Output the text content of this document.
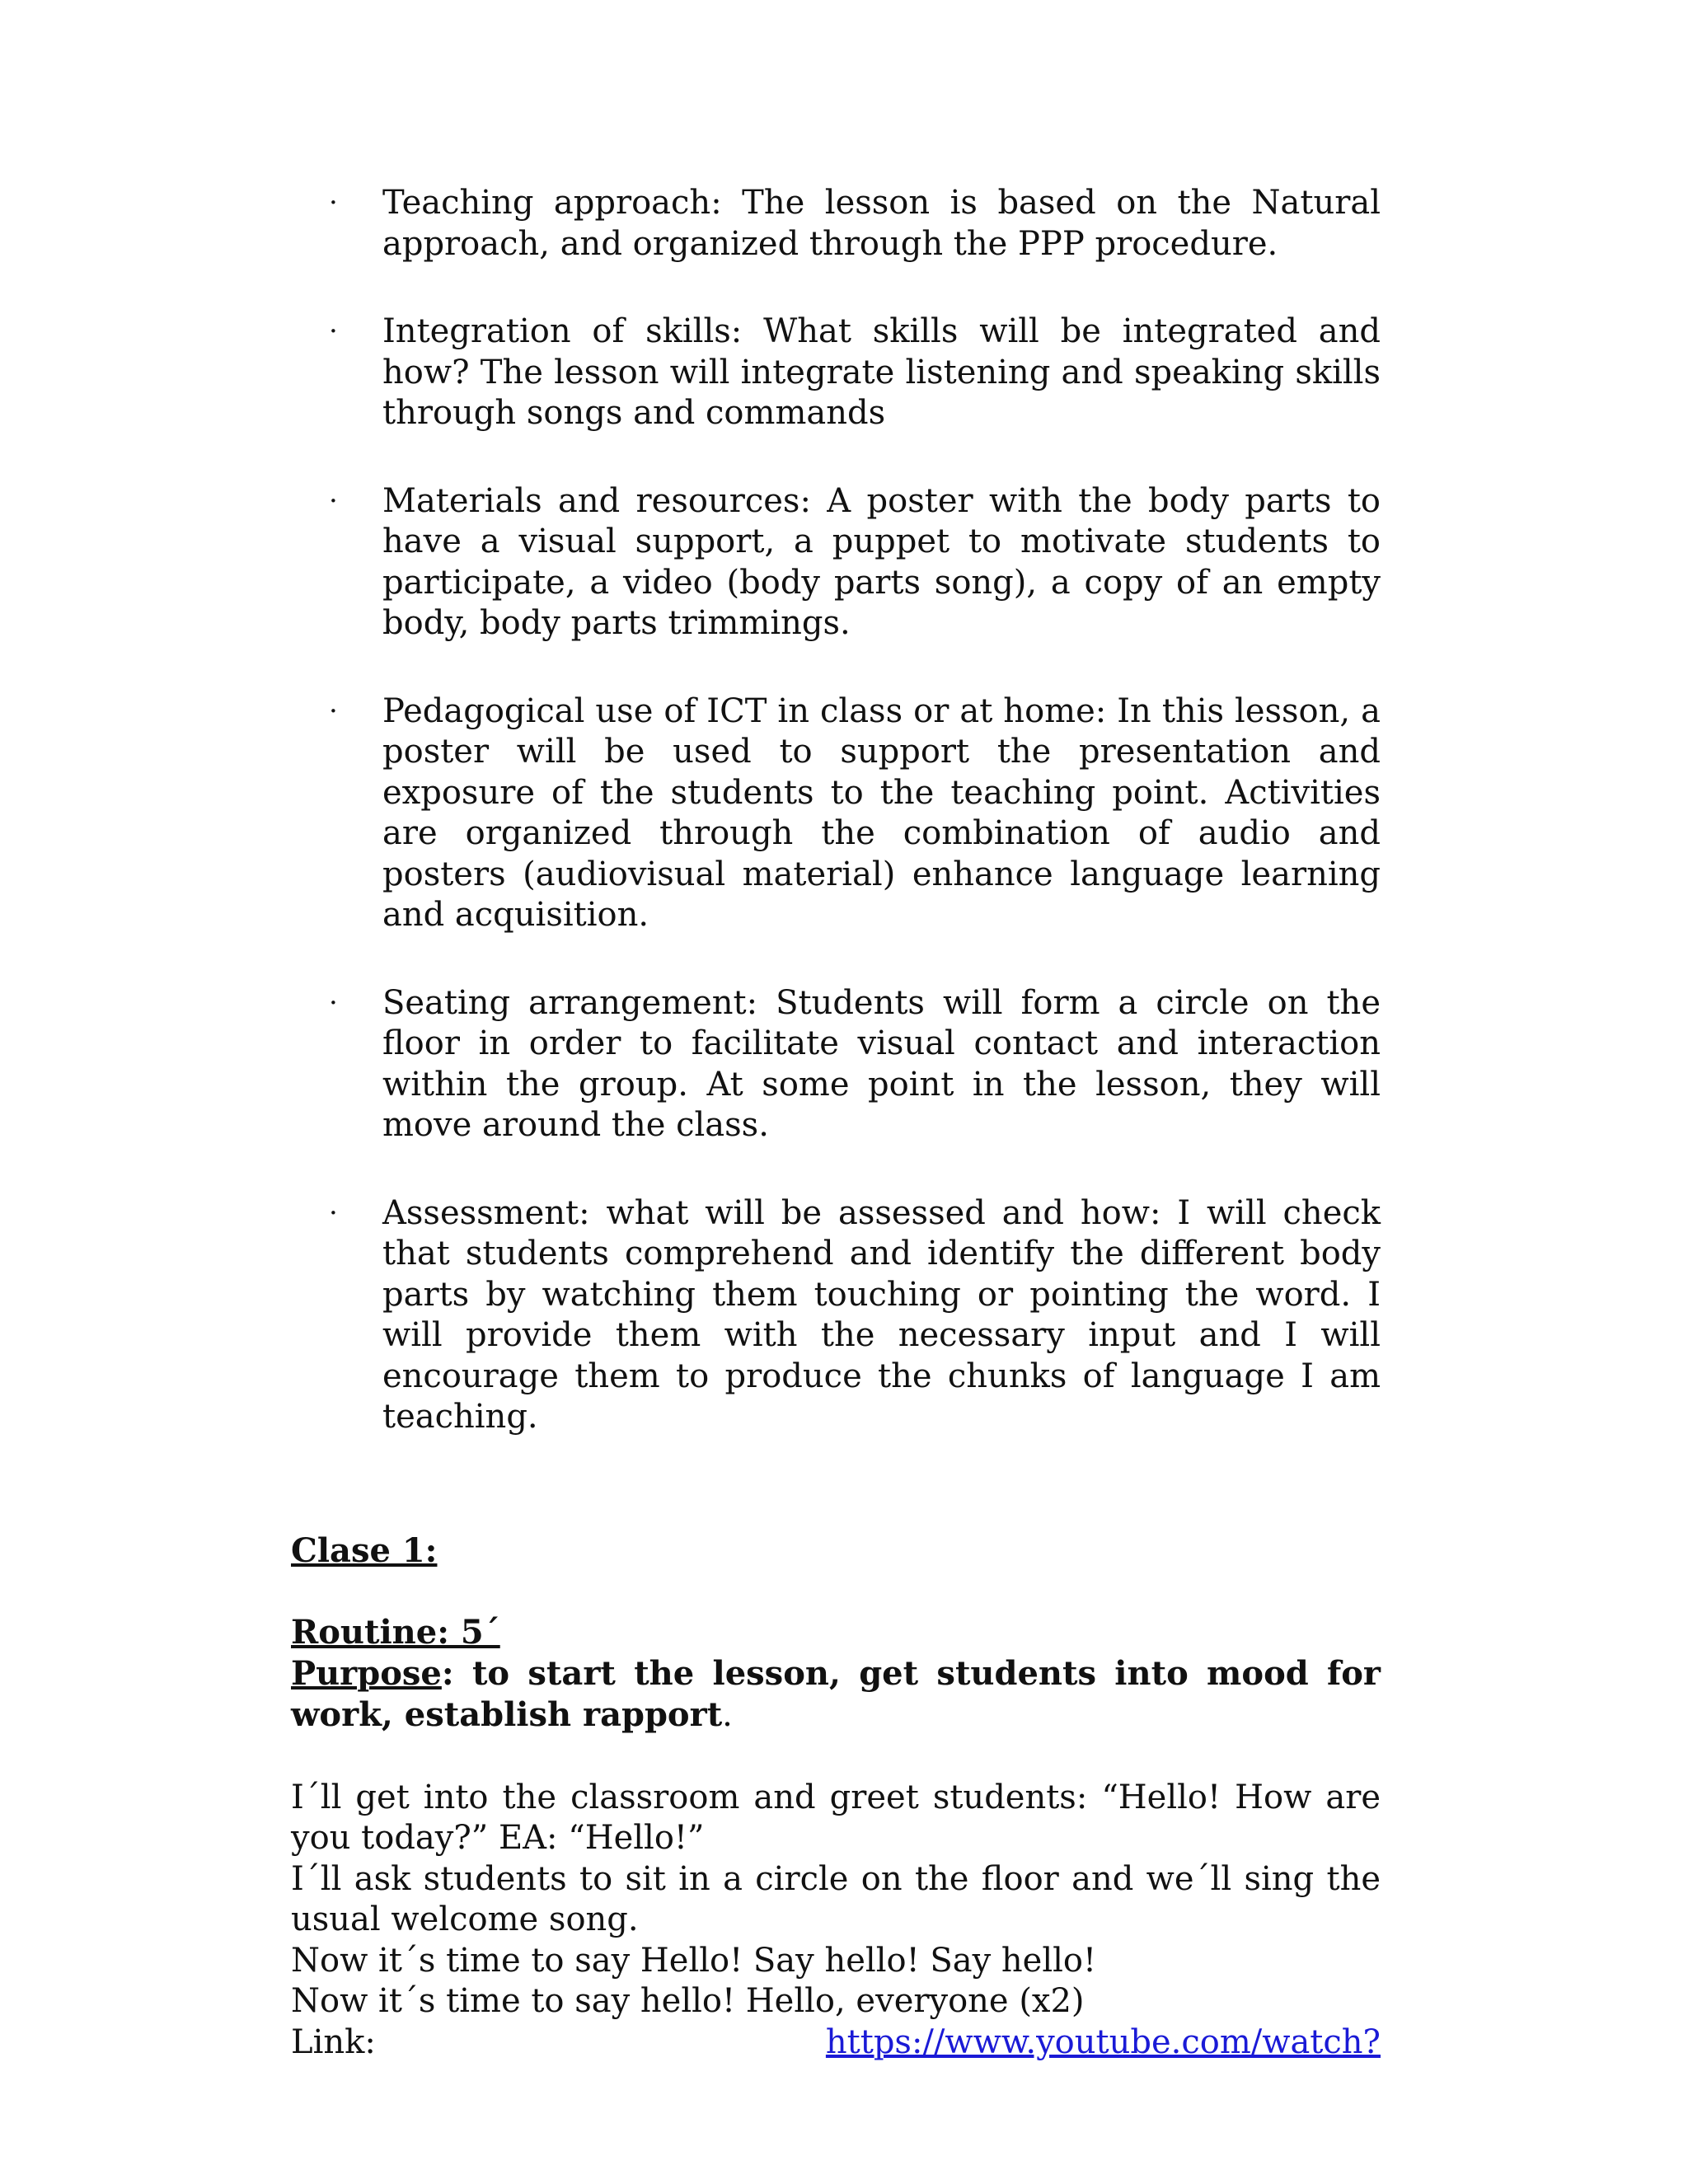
· Teaching approach: The lesson is based on the Natural approach, and organized through the PPP procedure.
· Integration of skills: What skills will be integrated and how? The lesson will integrate listening and speaking skills through songs and commands
· Materials and resources: A poster with the body parts to have a visual support, a puppet to motivate students to participate, a video (body parts song), a copy of an empty body, body parts trimmings.
· Pedagogical use of ICT in class or at home: In this lesson, a poster will be used to support the presentation and exposure of the students to the teaching point. Activities are organized through the combination of audio and posters (audiovisual material) enhance language learning and acquisition.
· Seating arrangement: Students will form a circle on the floor in order to facilitate visual contact and interaction within the group. At some point in the lesson, they will move around the class.
· Assessment: what will be assessed and how: I will check that students comprehend and identify the different body parts by watching them touching or pointing the word. I will provide them with the necessary input and I will encourage them to produce the chunks of language I am teaching.

Clase 1:

Routine: 5´

Purpose: to start the lesson, get students into mood for work, establish rapport.

I´ll get into the classroom and greet students: “Hello! How are you today?” EA: “Hello!”

I´ll ask students to sit in a circle on the floor and we´ll sing the usual welcome song.

Now it´s time to say Hello! Say hello! Say hello!

Now it´s time to say hello! Hello, everyone (x2)

Link:	https://www.youtube.com/watch?
